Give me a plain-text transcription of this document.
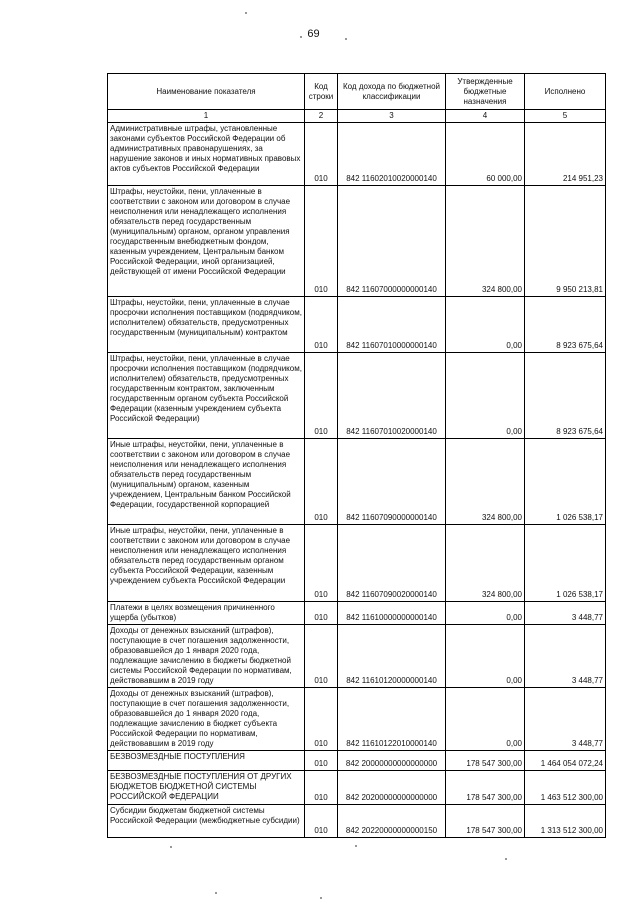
69
Наименование показателя	Код строки	Код дохода по бюджетной классификации	Утвержденные бюджетные назначения	Исполнено
1	2	3	4	5
Административные штрафы, установленные законами субъектов Российской Федерации об административных правонарушениях, за нарушение законов и иных нормативных правовых актов субъектов Российской Федерации	010	842 11602010020000140	60 000,00	214 951,23
Штрафы, неустойки, пени, уплаченные в соответствии с законом или договором в случае неисполнения или ненадлежащего исполнения обязательств перед государственным (муниципальным) органом, органом управления государственным внебюджетным фондом, казенным учреждением, Центральным банком Российской Федерации, иной организацией, действующей от имени Российской Федерации	010	842 11607000000000140	324 800,00	9 950 213,81
Штрафы, неустойки, пени, уплаченные в случае просрочки исполнения поставщиком (подрядчиком, исполнителем) обязательств, предусмотренных государственным (муниципальным) контрактом	010	842 11607010000000140	0,00	8 923 675,64
Штрафы, неустойки, пени, уплаченные в случае просрочки исполнения поставщиком (подрядчиком, исполнителем) обязательств, предусмотренных государственным контрактом, заключенным государственным органом субъекта Российской Федерации (казенным учреждением субъекта Российской Федерации)	010	842 11607010020000140	0,00	8 923 675,64
Иные штрафы, неустойки, пени, уплаченные в соответствии с законом или договором в случае неисполнения или ненадлежащего исполнения обязательств перед государственным (муниципальным) органом, казенным учреждением, Центральным банком Российской Федерации, государственной корпорацией	010	842 11607090000000140	324 800,00	1 026 538,17
Иные штрафы, неустойки, пени, уплаченные в соответствии с законом или договором в случае неисполнения или ненадлежащего исполнения обязательств перед государственным органом субъекта Российской Федерации, казенным учреждением субъекта Российской Федерации	010	842 11607090020000140	324 800,00	1 026 538,17
Платежи в целях возмещения причиненного ущерба (убытков)	010	842 11610000000000140	0,00	3 448,77
Доходы от денежных взысканий (штрафов), поступающие в счет погашения задолженности, образовавшейся до 1 января 2020 года, подлежащие зачислению в бюджеты бюджетной системы Российской Федерации по нормативам, действовавшим в 2019 году	010	842 11610120000000140	0,00	3 448,77
Доходы от денежных взысканий (штрафов), поступающие в счет погашения задолженности, образовавшейся до 1 января 2020 года, подлежащие зачислению в бюджет субъекта Российской Федерации по нормативам, действовавшим в 2019 году	010	842 11610122010000140	0,00	3 448,77
БЕЗВОЗМЕЗДНЫЕ ПОСТУПЛЕНИЯ	010	842 20000000000000000	178 547 300,00	1 464 054 072,24
БЕЗВОЗМЕЗДНЫЕ ПОСТУПЛЕНИЯ ОТ ДРУГИХ БЮДЖЕТОВ БЮДЖЕТНОЙ СИСТЕМЫ РОССИЙСКОЙ ФЕДЕРАЦИИ	010	842 20200000000000000	178 547 300,00	1 463 512 300,00
Субсидии бюджетам бюджетной системы Российской Федерации (межбюджетные субсидии)	010	842 20220000000000150	178 547 300,00	1 313 512 300,00
